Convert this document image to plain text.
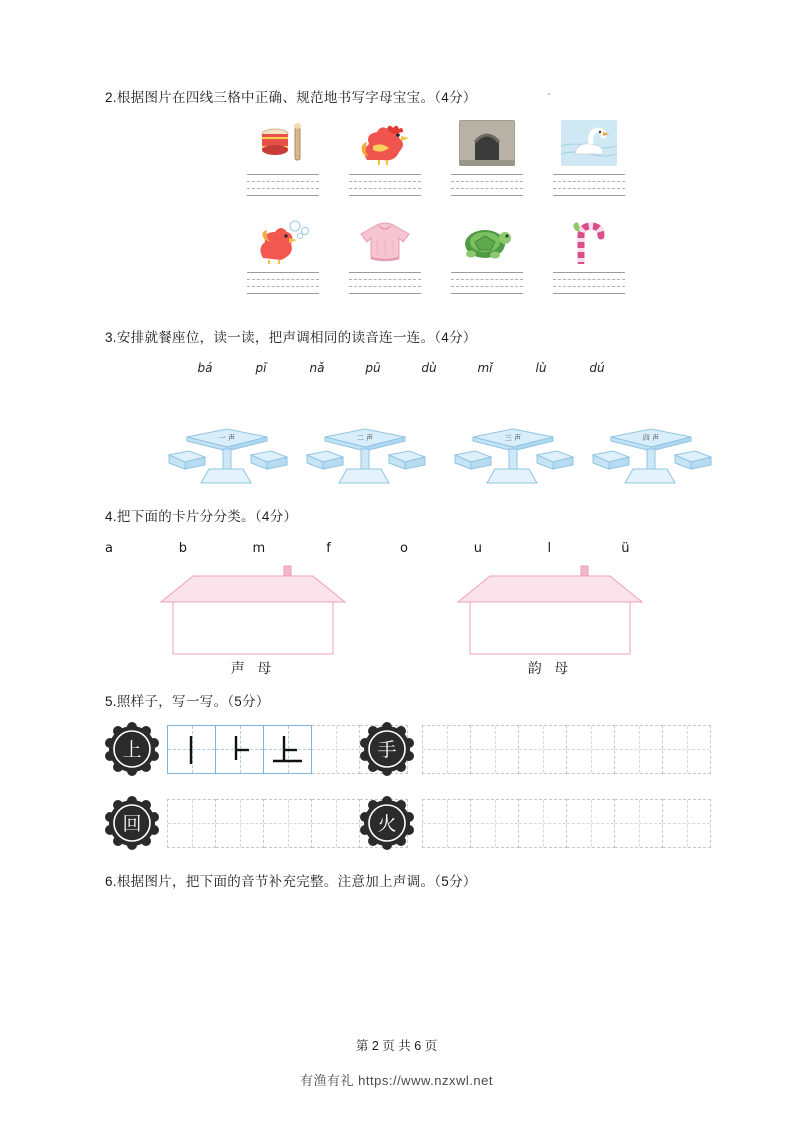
2.根据图片在四线三格中正确、规范地书写字母宝宝。（4分）

3.安排就餐座位，读一读，把声调相同的读音连一连。（4分）

bá	pī	nǎ	pū	dù	mǐ	lù	dú
一 声	二 声	三 声	四 声

4.把下面的卡片分分类。（4分）

a	b	m	f	o	u	l	ü
声 母	韵 母

5.照样子，写一写。（5分）

上	手
回	火

6.根据图片，把下面的音节补充完整。注意加上声调。（5分）

第 2 页 共 6 页
有渔有礼 https://www.nzxwl.net
